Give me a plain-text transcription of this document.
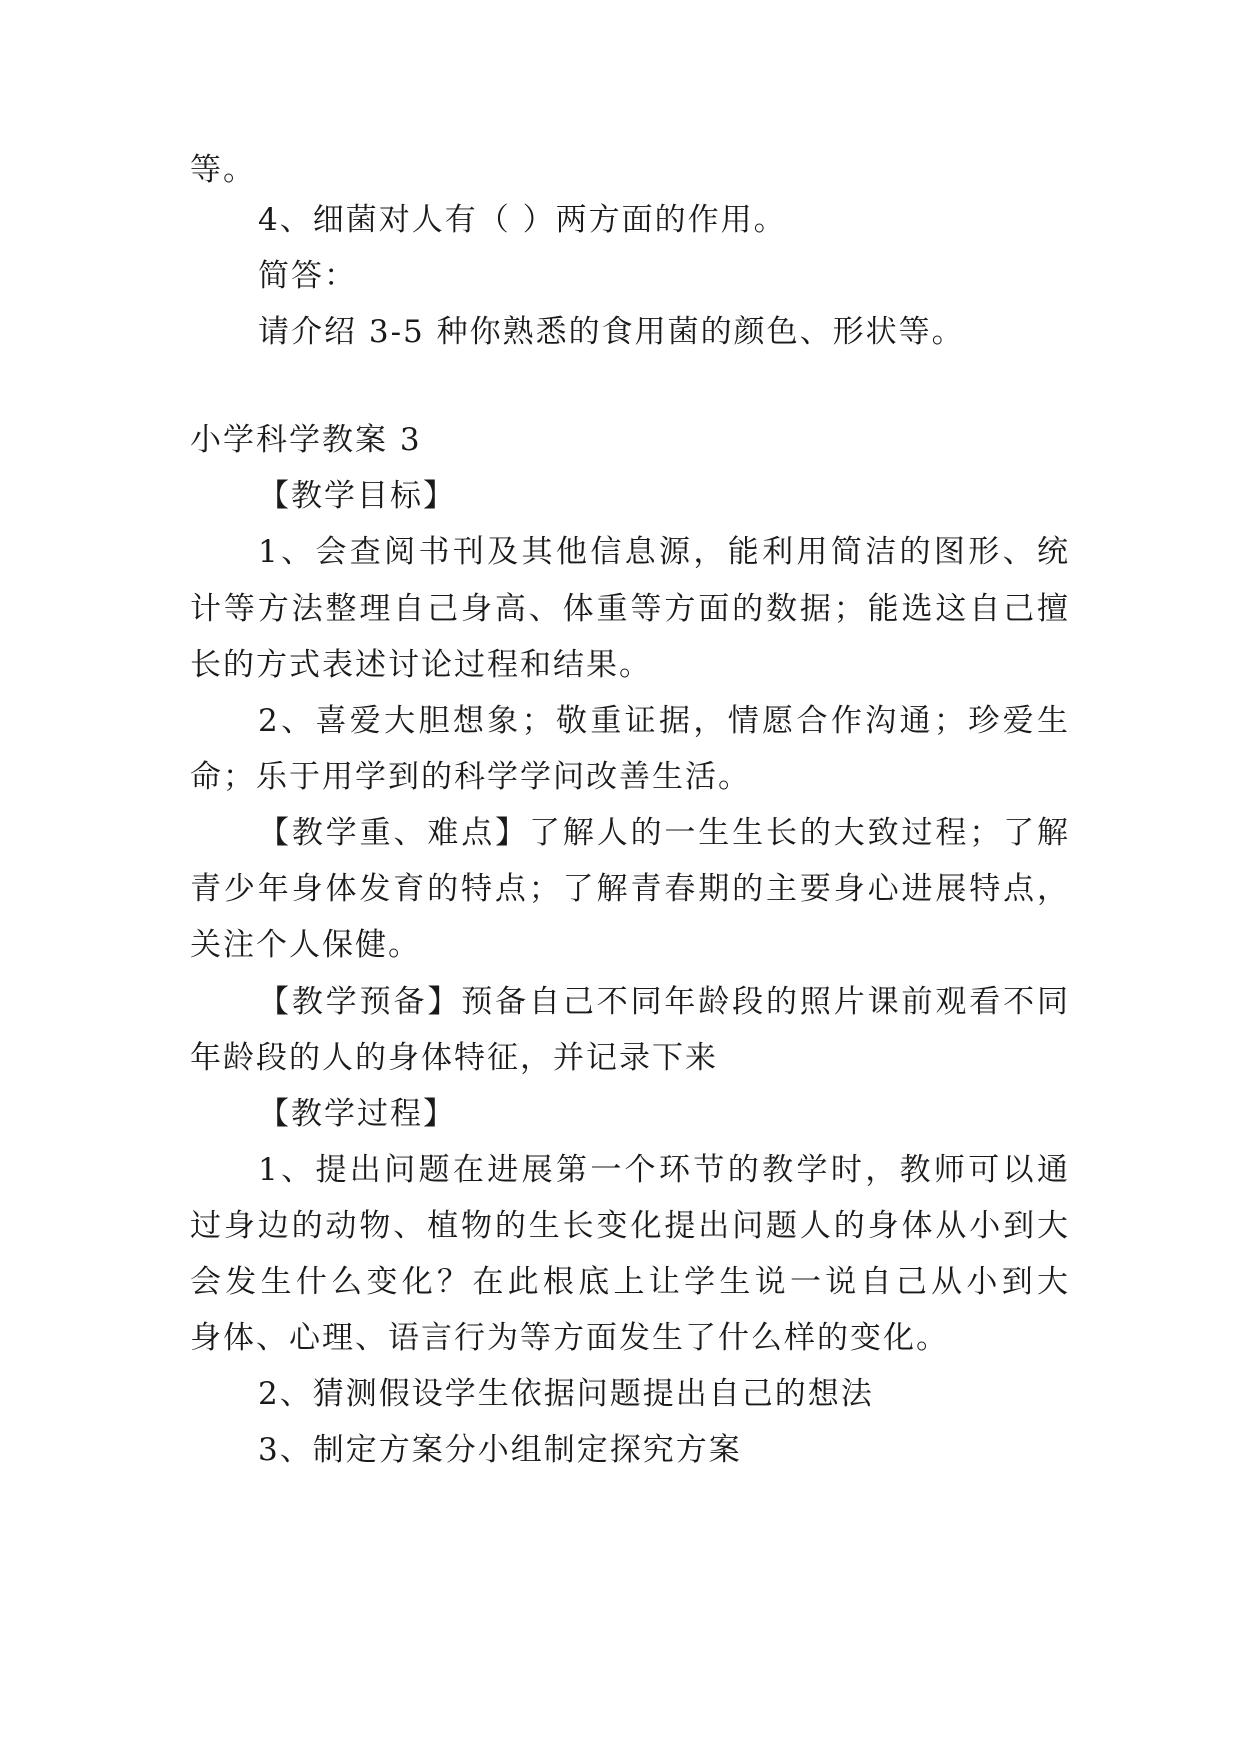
等。
4、细菌对人有（ ）两方面的作用。
简答：
请介绍 3-5 种你熟悉的食用菌的颜色、形状等。
小学科学教案 3
【教学目标】
1、会查阅书刊及其他信息源，能利用简洁的图形、统
计等方法整理自己身高、体重等方面的数据；能选这自己擅
长的方式表述讨论过程和结果。
2、喜爱大胆想象；敬重证据，情愿合作沟通；珍爱生
命；乐于用学到的科学学问改善生活。
【教学重、难点】了解人的一生生长的大致过程；了解
青少年身体发育的特点；了解青春期的主要身心进展特点，
关注个人保健。
【教学预备】预备自己不同年龄段的照片课前观看不同
年龄段的人的身体特征，并记录下来
【教学过程】
1、提出问题在进展第一个环节的教学时，教师可以通
过身边的动物、植物的生长变化提出问题人的身体从小到大
会发生什么变化？在此根底上让学生说一说自己从小到大
身体、心理、语言行为等方面发生了什么样的变化。
2、猜测假设学生依据问题提出自己的想法
3、制定方案分小组制定探究方案
